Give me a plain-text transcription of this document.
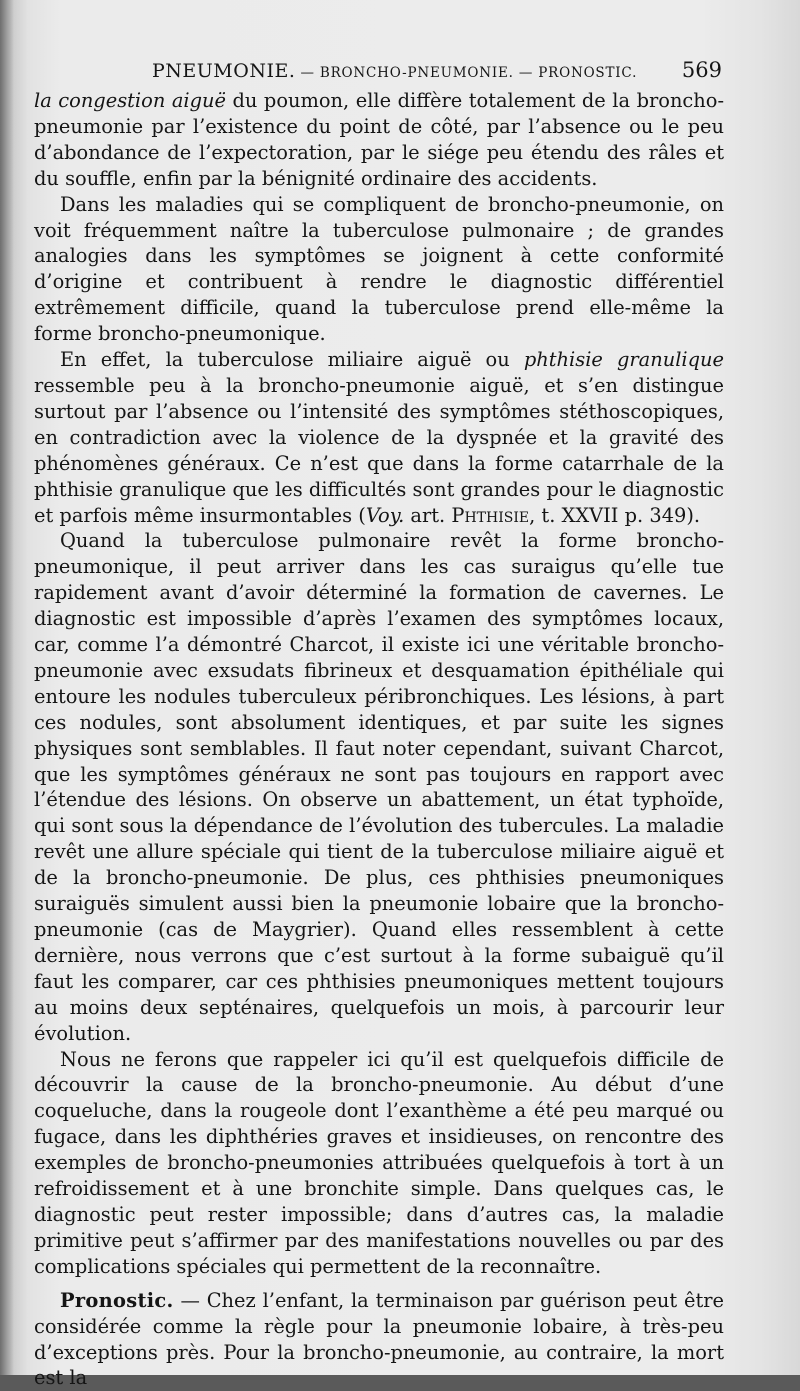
PNEUMONIE. — BRONCHO-PNEUMONIE. — PRONOSTIC. 569

la congestion aiguë du poumon, elle diffère totalement de la broncho-pneumonie par l’existence du point de côté, par l’absence ou le peu d’abondance de l’expectoration, par le siége peu étendu des râles et du souffle, enfin par la bénignité ordinaire des accidents.

Dans les maladies qui se compliquent de broncho-pneumonie, on voit fréquemment naître la tuberculose pulmonaire ; de grandes analogies dans les symptômes se joignent à cette conformité d’origine et contribuent à rendre le diagnostic différentiel extrêmement difficile, quand la tuberculose prend elle-même la forme broncho-pneumonique.

En effet, la tuberculose miliaire aiguë ou phthisie granulique ressemble peu à la broncho-pneumonie aiguë, et s’en distingue surtout par l’absence ou l’intensité des symptômes stéthoscopiques, en contradiction avec la violence de la dyspnée et la gravité des phénomènes généraux. Ce n’est que dans la forme catarrhale de la phthisie granulique que les difficultés sont grandes pour le diagnostic et parfois même insurmontables (Voy. art. Phthisie, t. XXVII p. 349).

Quand la tuberculose pulmonaire revêt la forme broncho-pneumonique, il peut arriver dans les cas suraigus qu’elle tue rapidement avant d’avoir déterminé la formation de cavernes. Le diagnostic est impossible d’après l’examen des symptômes locaux, car, comme l’a démontré Charcot, il existe ici une véritable broncho-pneumonie avec exsudats fibrineux et desquamation épithéliale qui entoure les nodules tuberculeux péribronchiques. Les lésions, à part ces nodules, sont absolument identiques, et par suite les signes physiques sont semblables. Il faut noter cependant, suivant Charcot, que les symptômes généraux ne sont pas toujours en rapport avec l’étendue des lésions. On observe un abattement, un état typhoïde, qui sont sous la dépendance de l’évolution des tubercules. La maladie revêt une allure spéciale qui tient de la tuberculose miliaire aiguë et de la broncho-pneumonie. De plus, ces phthisies pneumoniques suraiguës simulent aussi bien la pneumonie lobaire que la broncho-pneumonie (cas de Maygrier). Quand elles ressemblent à cette dernière, nous verrons que c’est surtout à la forme subaiguë qu’il faut les comparer, car ces phthisies pneumoniques mettent toujours au moins deux septénaires, quelquefois un mois, à parcourir leur évolution.

Nous ne ferons que rappeler ici qu’il est quelquefois difficile de découvrir la cause de la broncho-pneumonie. Au début d’une coqueluche, dans la rougeole dont l’exanthème a été peu marqué ou fugace, dans les diphthéries graves et insidieuses, on rencontre des exemples de broncho-pneumonies attribuées quelquefois à tort à un refroidissement et à une bronchite simple. Dans quelques cas, le diagnostic peut rester impossible; dans d’autres cas, la maladie primitive peut s’affirmer par des manifestations nouvelles ou par des complications spéciales qui permettent de la reconnaître.

Pronostic. — Chez l’enfant, la terminaison par guérison peut être considérée comme la règle pour la pneumonie lobaire, à très-peu d’exceptions près. Pour la broncho-pneumonie, au contraire, la mort est la
